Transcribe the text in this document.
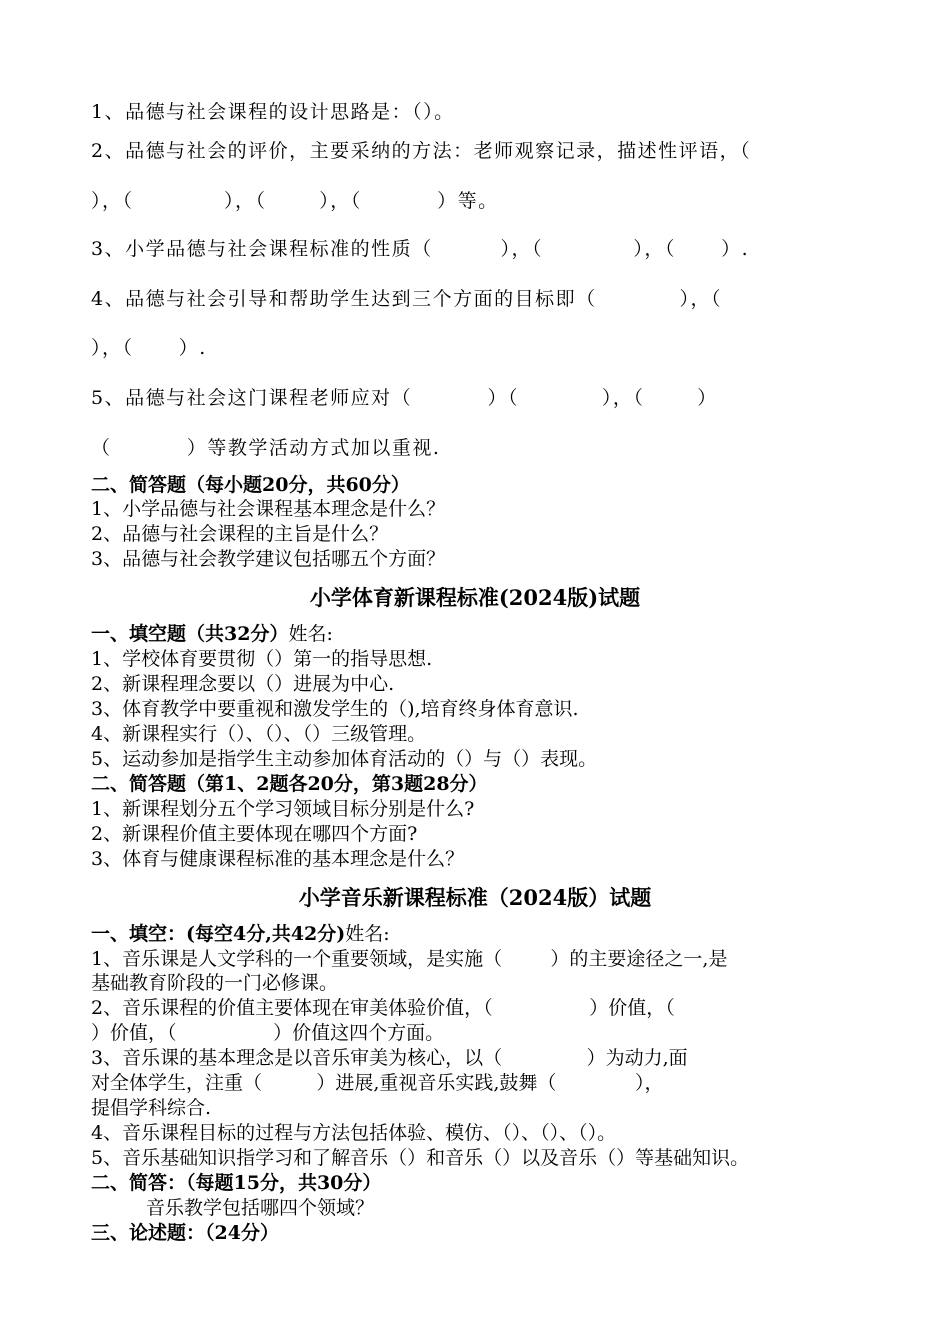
1、品德与社会课程的设计思路是：（）。
2、品德与社会的评价，主要采纳的方法：老师观察记录，描述性评语，（
），（            ），（       ），（          ）等。
3、小学品德与社会课程标准的性质（         ），（            ），（      ）.
4、品德与社会引导和帮助学生达到三个方面的目标即（           ），（
），（      ）.
5、品德与社会这门课程老师应对（          ）（           ），（       ）
（          ）等教学活动方式加以重视.
二、简答题（每小题20分，共60分）
1、小学品德与社会课程基本理念是什么？
2、品德与社会课程的主旨是什么？
3、品德与社会教学建议包括哪五个方面？
小学体育新课程标准(2024版)试题
一、填空题（共32分）姓名:
1、学校体育要贯彻（）第一的指导思想.
2、新课程理念要以（）进展为中心.
3、体育教学中要重视和激发学生的（),培育终身体育意识.
4、新课程实行（）、（）、（）三级管理。
5、运动参加是指学生主动参加体育活动的（）与（）表现。
二、简答题（第1、2题各20分，第3题28分）
1、新课程划分五个学习领域目标分别是什么?
2、新课程价值主要体现在哪四个方面?
3、体育与健康课程标准的基本理念是什么？
小学音乐新课程标准（2024版）试题
一、填空：(每空4分,共42分)姓名:
1、音乐课是人文学科的一个重要领域，是实施（        ）的主要途径之一,是
基础教育阶段的一门必修课。
2、音乐课程的价值主要体现在审美体验价值，（                ）价值，（
）价值，（                ）价值这四个方面。
3、音乐课的基本理念是以音乐审美为核心，以（              ）为动力,面
对全体学生，注重（         ）进展,重视音乐实践,鼓舞（             ），
提倡学科综合.
4、音乐课程目标的过程与方法包括体验、模仿、（）、（）、（）。
5、音乐基础知识指学习和了解音乐（）和音乐（）以及音乐（）等基础知识。
二、简答：（每题15分，共30分）
音乐教学包括哪四个领域？
三、论述题：（24分）
